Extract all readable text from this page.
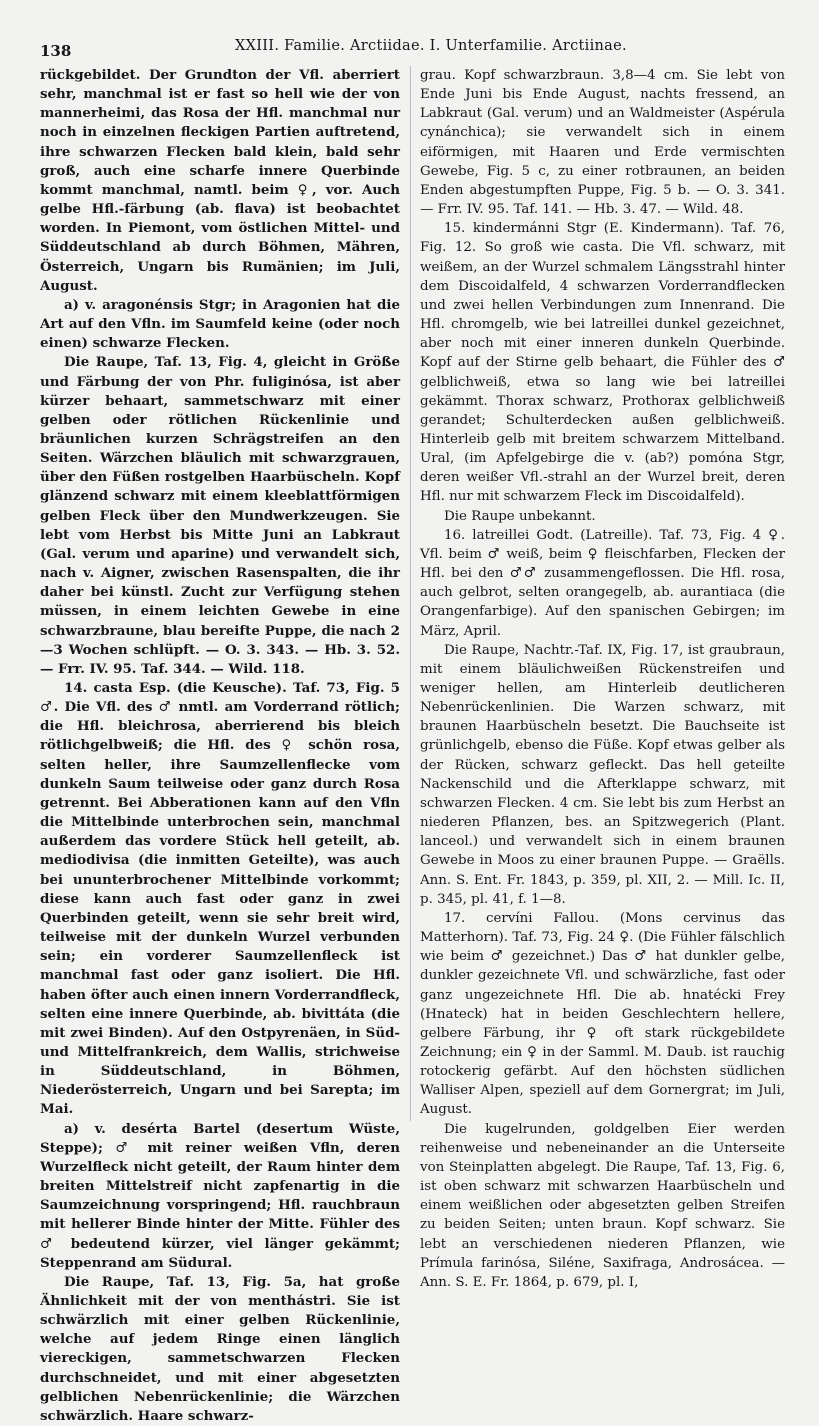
138	XXIII. Familie. Arctiidae. I. Unterfamilie. Arctiinae.

rückgebildet. Der Grundton der Vfl. aberriert sehr, manchmal ist er fast so hell wie der von mannerheimi, das Rosa der Hfl. manchmal nur noch in einzelnen fleckigen Partien auftretend, ihre schwarzen Flecken bald klein, bald sehr groß, auch eine scharfe innere Querbinde kommt manchmal, namtl. beim ♀, vor. Auch gelbe Hfl.-färbung (ab. flava) ist beobachtet worden. In Piemont, vom östlichen Mittel- und Süddeutschland ab durch Böhmen, Mähren, Österreich, Ungarn bis Rumänien; im Juli, August.

a) v. aragonénsis Stgr; in Aragonien hat die Art auf den Vfln. im Saumfeld keine (oder noch einen) schwarze Flecken.

Die Raupe, Taf. 13, Fig. 4, gleicht in Größe und Färbung der von Phr. fuliginósa, ist aber kürzer behaart, sammetschwarz mit einer gelben oder rötlichen Rückenlinie und bräunlichen kurzen Schrägstreifen an den Seiten. Wärzchen bläulich mit schwarzgrauen, über den Füßen rostgelben Haarbüscheln. Kopf glänzend schwarz mit einem kleeblattförmigen gelben Fleck über den Mundwerkzeugen. Sie lebt vom Herbst bis Mitte Juni an Labkraut (Gal. verum und aparine) und verwandelt sich, nach v. Aigner, zwischen Rasenspalten, die ihr daher bei künstl. Zucht zur Verfügung stehen müssen, in einem leichten Gewebe in eine schwarzbraune, blau bereifte Puppe, die nach 2—3 Wochen schlüpft. — O. 3. 343. — Hb. 3. 52. — Frr. IV. 95. Taf. 344. — Wild. 118.

14. casta Esp. (die Keusche). Taf. 73, Fig. 5 ♂. Die Vfl. des ♂ nmtl. am Vorderrand rötlich; die Hfl. bleichrosa, aberrierend bis bleich rötlichgelbweiß; die Hfl. des ♀ schön rosa, selten heller, ihre Saumzellenflecke vom dunkeln Saum teilweise oder ganz durch Rosa getrennt. Bei Abberationen kann auf den Vfln die Mittelbinde unterbrochen sein, manchmal außerdem das vordere Stück hell geteilt, ab. mediodivisa (die inmitten Geteilte), was auch bei ununterbrochener Mittelbinde vorkommt; diese kann auch fast oder ganz in zwei Querbinden geteilt, wenn sie sehr breit wird, teilweise mit der dunkeln Wurzel verbunden sein; ein vorderer Saumzellenfleck ist manchmal fast oder ganz isoliert. Die Hfl. haben öfter auch einen innern Vorderrandfleck, selten eine innere Querbinde, ab. bivittáta (die mit zwei Binden). Auf den Ostpyrenäen, in Süd- und Mittelfrankreich, dem Wallis, strichweise in Süddeutschland, in Böhmen, Niederösterreich, Ungarn und bei Sarepta; im Mai.

a) v. desérta Bartel (desertum Wüste, Steppe); ♂ mit reiner weißen Vfln, deren Wurzelfleck nicht geteilt, der Raum hinter dem breiten Mittelstreif nicht zapfenartig in die Saumzeichnung vorspringend; Hfl. rauchbraun mit hellerer Binde hinter der Mitte. Fühler des ♂ bedeutend kürzer, viel länger gekämmt; Steppenrand am Südural.

Die Raupe, Taf. 13, Fig. 5a, hat große Ähnlichkeit mit der von menthástri. Sie ist schwärzlich mit einer gelben Rückenlinie, welche auf jedem Ringe einen länglich viereckigen, sammetschwarzen Flecken durchschneidet, und mit einer abgesetzten gelblichen Nebenrückenlinie; die Wärzchen schwärzlich. Haare schwarz-

grau. Kopf schwarzbraun. 3,8—4 cm. Sie lebt von Ende Juni bis Ende August, nachts fressend, an Labkraut (Gal. verum) und an Waldmeister (Aspérula cynánchica); sie verwandelt sich in einem eiförmigen, mit Haaren und Erde vermischten Gewebe, Fig. 5 c, zu einer rotbraunen, an beiden Enden abgestumpften Puppe, Fig. 5 b. — O. 3. 341. — Frr. IV. 95. Taf. 141. — Hb. 3. 47. — Wild. 48.

15. kindermánni Stgr (E. Kindermann). Taf. 76, Fig. 12. So groß wie casta. Die Vfl. schwarz, mit weißem, an der Wurzel schmalem Längsstrahl hinter dem Discoidalfeld, 4 schwarzen Vorderrandflecken und zwei hellen Verbindungen zum Innenrand. Die Hfl. chromgelb, wie bei latreillei dunkel gezeichnet, aber noch mit einer inneren dunkeln Querbinde. Kopf auf der Stirne gelb behaart, die Fühler des ♂ gelblichweiß, etwa so lang wie bei latreillei gekämmt. Thorax schwarz, Prothorax gelblichweiß gerandet; Schulterdecken außen gelblichweiß. Hinterleib gelb mit breitem schwarzem Mittelband. Ural, (im Apfelgebirge die v. (ab?) pomóna Stgr, deren weißer Vfl.-strahl an der Wurzel breit, deren Hfl. nur mit schwarzem Fleck im Discoidalfeld).

Die Raupe unbekannt.

16. latreillei Godt. (Latreille). Taf. 73, Fig. 4 ♀. Vfl. beim ♂ weiß, beim ♀ fleischfarben, Flecken der Hfl. bei den ♂♂ zusammengeflossen. Die Hfl. rosa, auch gelbrot, selten orangegelb, ab. aurantiaca (die Orangenfarbige). Auf den spanischen Gebirgen; im März, April.

Die Raupe, Nachtr.-Taf. IX, Fig. 17, ist graubraun, mit einem bläulichweißen Rückenstreifen und weniger hellen, am Hinterleib deutlicheren Nebenrückenlinien. Die Warzen schwarz, mit braunen Haarbüscheln besetzt. Die Bauchseite ist grünlichgelb, ebenso die Füße. Kopf etwas gelber als der Rücken, schwarz gefleckt. Das hell geteilte Nackenschild und die Afterklappe schwarz, mit schwarzen Flecken. 4 cm. Sie lebt bis zum Herbst an niederen Pflanzen, bes. an Spitzwegerich (Plant. lanceol.) und verwandelt sich in einem braunen Gewebe in Moos zu einer braunen Puppe. — Graëlls. Ann. S. Ent. Fr. 1843, p. 359, pl. XII, 2. — Mill. Ic. II, p. 345, pl. 41, f. 1—8.

17. cervíni Fallou. (Mons cervinus das Matterhorn). Taf. 73, Fig. 24 ♀. (Die Fühler fälschlich wie beim ♂ gezeichnet.) Das ♂ hat dunkler gelbe, dunkler gezeichnete Vfl. und schwärzliche, fast oder ganz ungezeichnete Hfl. Die ab. hnatécki Frey (Hnateck) hat in beiden Geschlechtern hellere, gelbere Färbung, ihr ♀ oft stark rückgebildete Zeichnung; ein ♀ in der Samml. M. Daub. ist rauchig rotockerig gefärbt. Auf den höchsten südlichen Walliser Alpen, speziell auf dem Gornergrat; im Juli, August.

Die kugelrunden, goldgelben Eier werden reihenweise und nebeneinander an die Unterseite von Steinplatten abgelegt. Die Raupe, Taf. 13, Fig. 6, ist oben schwarz mit schwarzen Haarbüscheln und einem weißlichen oder abgesetzten gelben Streifen zu beiden Seiten; unten braun. Kopf schwarz. Sie lebt an verschiedenen niederen Pflanzen, wie Prímula farinósa, Siléne, Saxifraga, Androsácea. — Ann. S. E. Fr. 1864, p. 679, pl. I,
